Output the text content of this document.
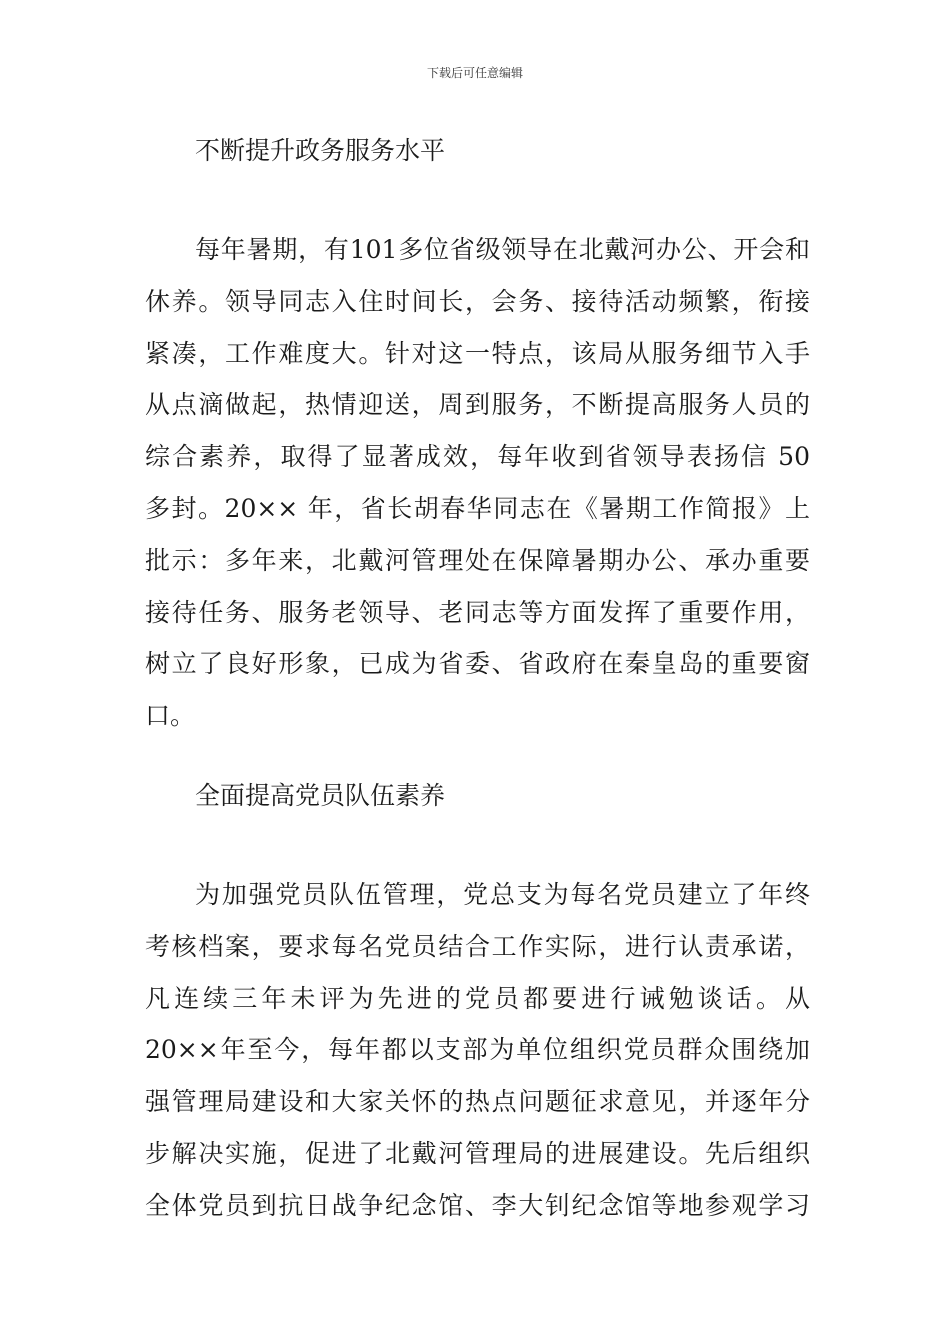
下载后可任意编辑
不断提升政务服务水平
每年暑期，有101多位省级领导在北戴河办公、开会和
休养。领导同志入住时间长，会务、接待活动频繁，衔接
紧凑，工作难度大。针对这一特点，该局从服务细节入手
从点滴做起，热情迎送，周到服务，不断提高服务人员的
综合素养，取得了显著成效，每年收到省领导表扬信 50
多封。20×× 年，省长胡春华同志在《暑期工作简报》上
批示：多年来，北戴河管理处在保障暑期办公、承办重要
接待任务、服务老领导、老同志等方面发挥了重要作用，
树立了良好形象，已成为省委、省政府在秦皇岛的重要窗
口。
全面提高党员队伍素养
为加强党员队伍管理，党总支为每名党员建立了年终
考核档案，要求每名党员结合工作实际，进行认责承诺，
凡连续三年未评为先进的党员都要进行诫勉谈话。从
20××年至今，每年都以支部为单位组织党员群众围绕加
强管理局建设和大家关怀的热点问题征求意见，并逐年分
步解决实施，促进了北戴河管理局的进展建设。先后组织
全体党员到抗日战争纪念馆、李大钊纪念馆等地参观学习
